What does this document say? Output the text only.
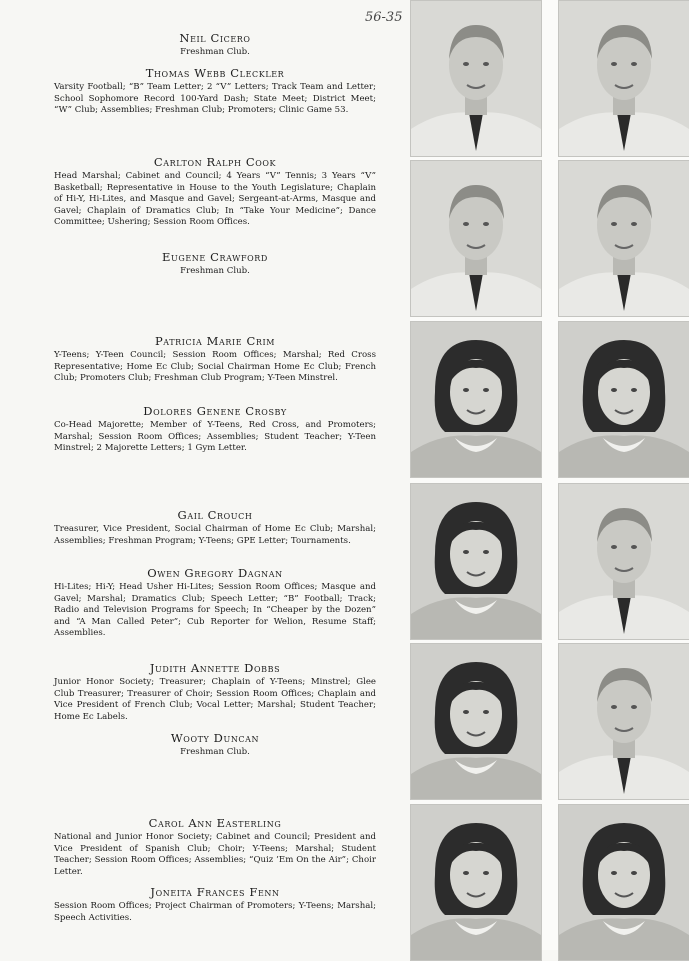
56-35

Neil Cicero

Freshman Club.

Thomas Webb Cleckler

Varsity Football; “B” Team Letter; 2 “V” Letters; Track Team and Letter; School Sophomore Record 100-Yard Dash; State Meet; District Meet; “W” Club; Assemblies; Freshman Club; Promoters; Clinic Game 53.

Carlton Ralph Cook

Head Marshal; Cabinet and Council; 4 Years “V” Tennis; 3 Years “V” Basketball; Representative in House to the Youth Legislature; Chaplain of Hi-Y, Hi-Lites, and Masque and Gavel; Sergeant-at-Arms, Masque and Gavel; Chaplain of Dramatics Club; In “Take Your Medicine”; Dance Committee; Ushering; Session Room Offices.

Eugene Crawford

Freshman Club.

Patricia Marie Crim

Y-Teens; Y-Teen Council; Session Room Offices; Marshal; Red Cross Representative; Home Ec Club; Social Chairman Home Ec Club; French Club; Promoters Club; Freshman Club Program; Y-Teen Minstrel.

Dolores Genene Crosby

Co-Head Majorette; Member of Y-Teens, Red Cross, and Promoters; Marshal; Session Room Offices; Assemblies; Student Teacher; Y-Teen Minstrel; 2 Majorette Letters; 1 Gym Letter.

Gail Crouch

Treasurer, Vice President, Social Chairman of Home Ec Club; Marshal; Assemblies; Freshman Program; Y-Teens; GPE Letter; Tournaments.

Owen Gregory Dagnan

Hi-Lites; Hi-Y; Head Usher Hi-Lites; Session Room Offices; Masque and Gavel; Marshal; Dramatics Club; Speech Letter; “B” Football; Track; Radio and Television Programs for Speech; In “Cheaper by the Dozen” and “A Man Called Peter”; Cub Reporter for Welion, Resume Staff; Assemblies.

Judith Annette Dobbs

Junior Honor Society; Treasurer; Chaplain of Y-Teens; Minstrel; Glee Club Treasurer; Treasurer of Choir; Session Room Offices; Chaplain and Vice President of French Club; Vocal Letter; Marshal; Student Teacher; Home Ec Labels.

Wooty Duncan

Freshman Club.

Carol Ann Easterling

National and Junior Honor Society; Cabinet and Council; President and Vice President of Spanish Club; Choir; Y-Teens; Marshal; Student Teacher; Session Room Offices; Assemblies; “Quiz ’Em On the Air”; Choir Letter.

Joneita Frances Fenn

Session Room Offices; Project Chairman of Promoters; Y-Teens; Marshal; Speech Activities.
